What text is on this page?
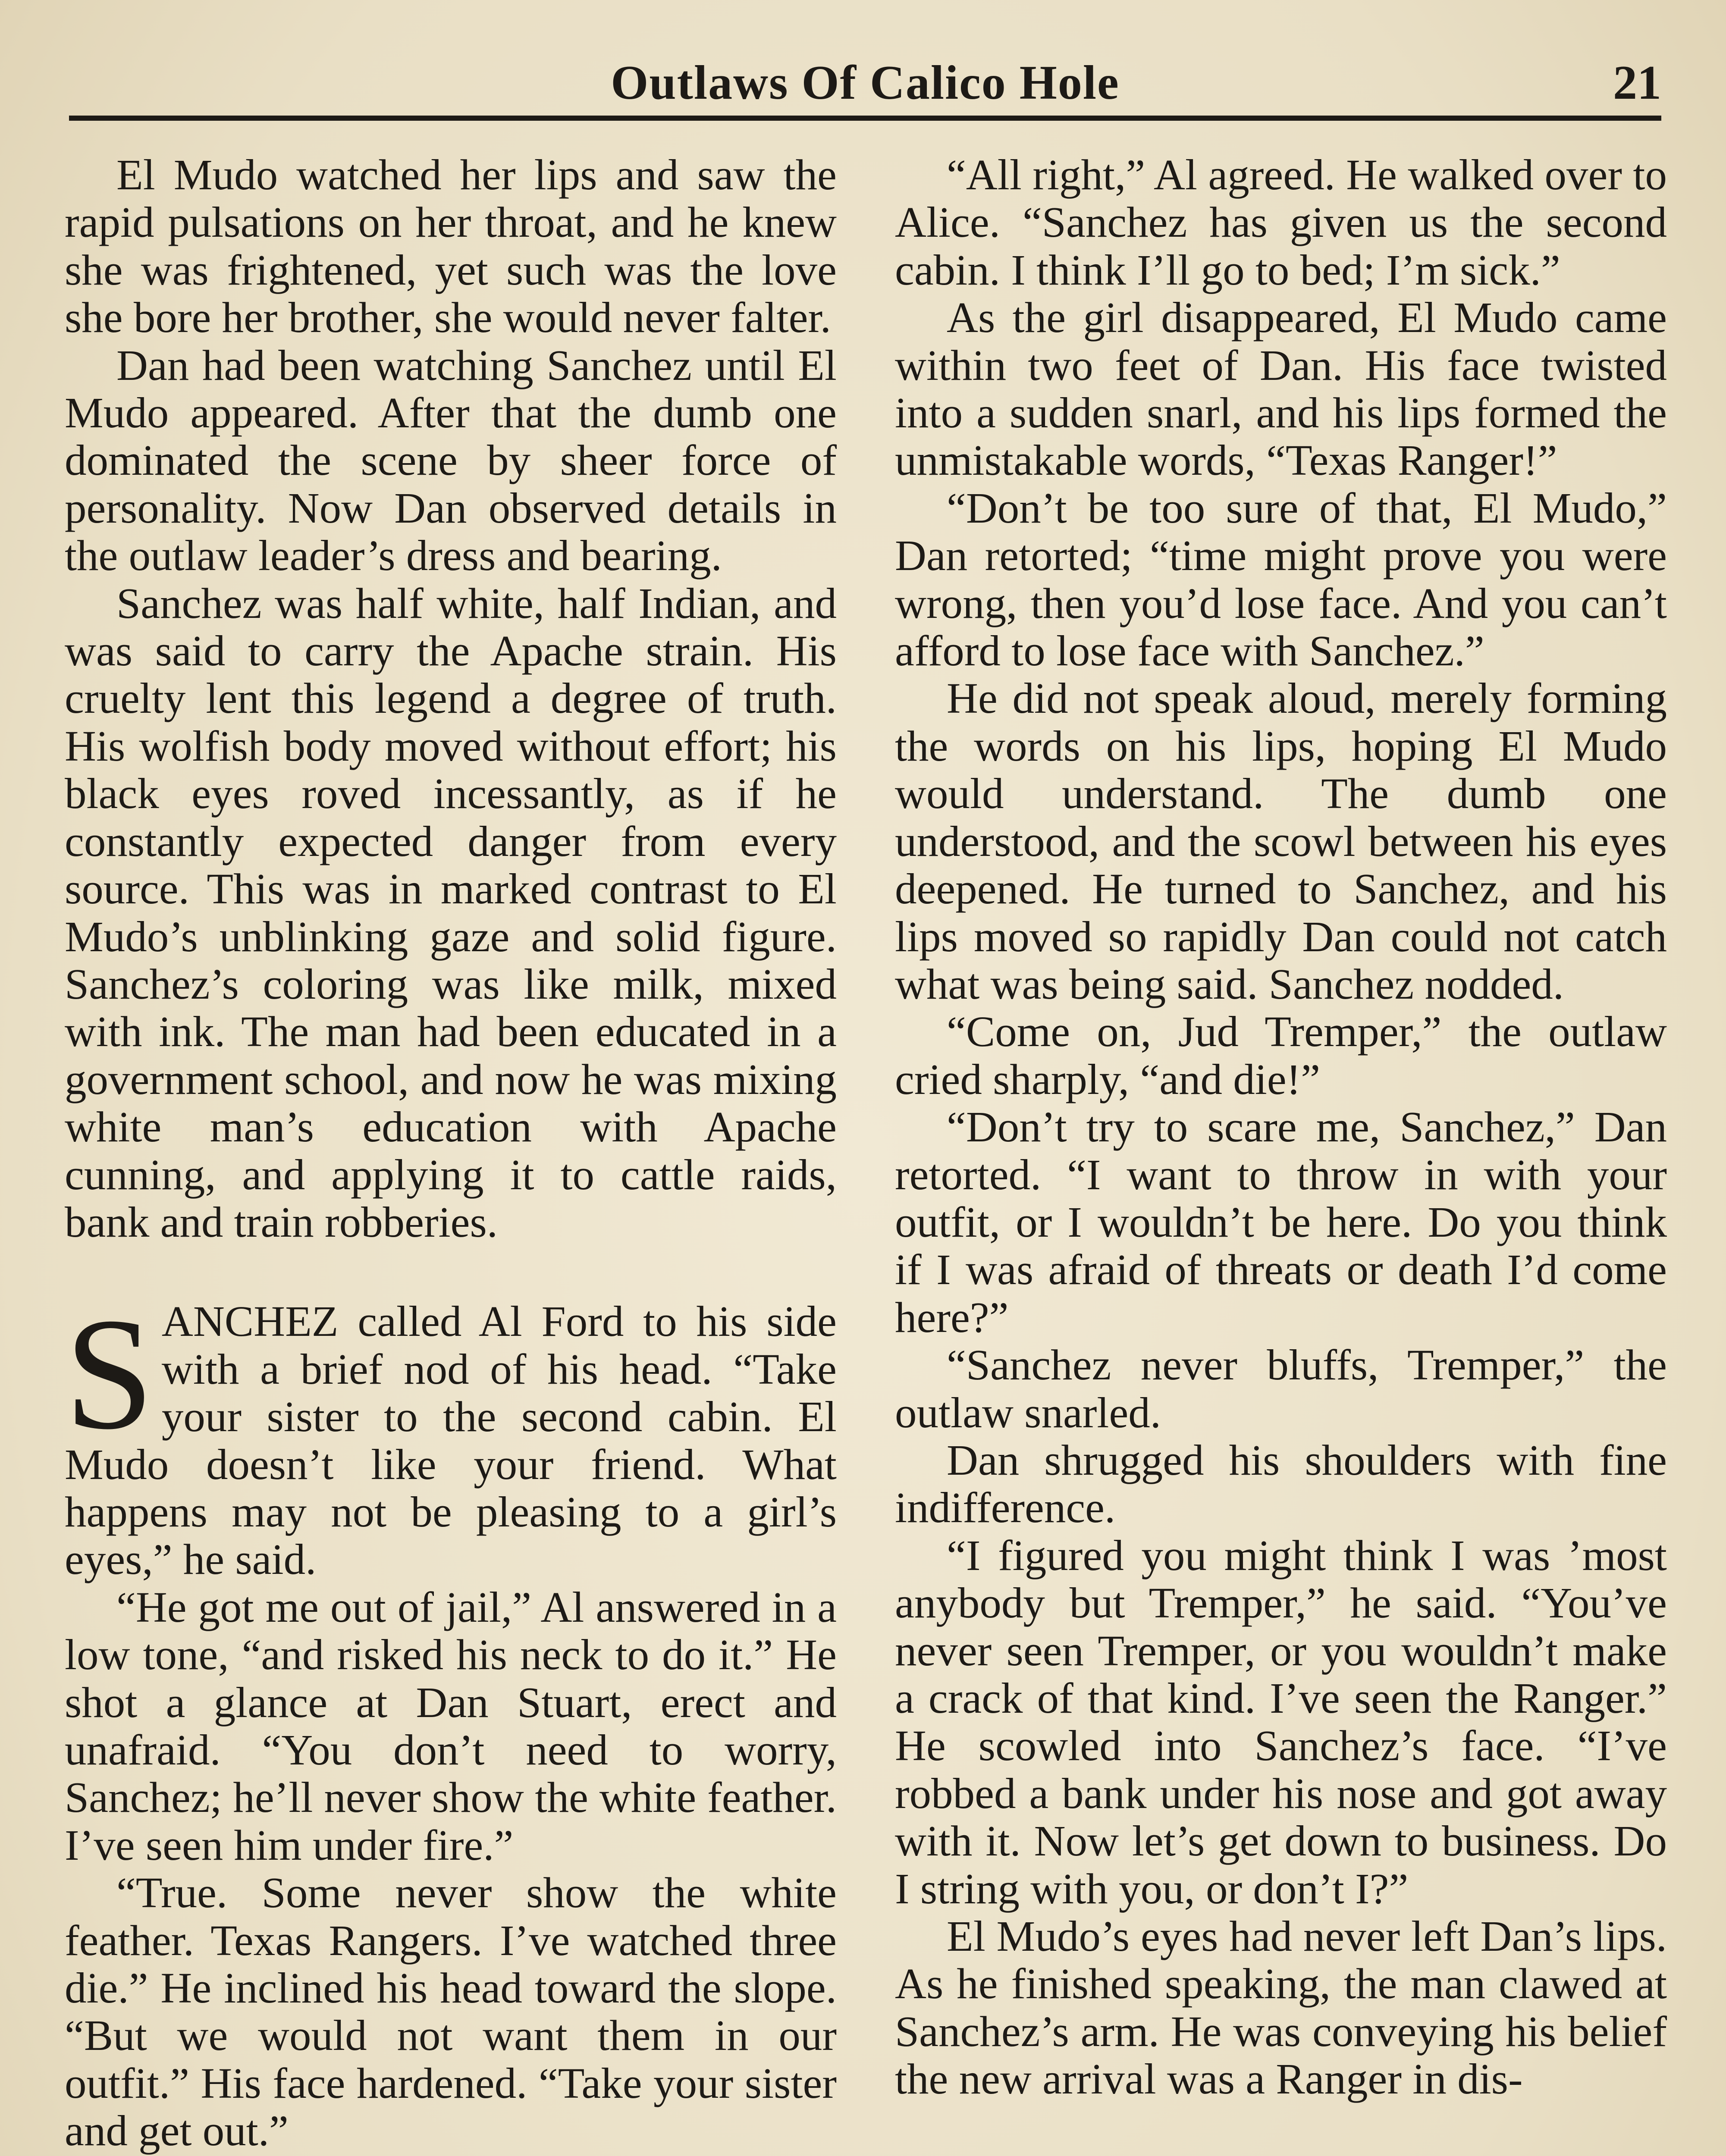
Outlaws Of Calico Hole	21

El Mudo watched her lips and saw the rapid pulsations on her throat, and he knew she was frightened, yet such was the love she bore her brother, she would never falter.

Dan had been watching Sanchez until El Mudo appeared. After that the dumb one dominated the scene by sheer force of personality. Now Dan observed details in the outlaw leader’s dress and bearing.

Sanchez was half white, half Indian, and was said to carry the Apache strain. His cruelty lent this legend a degree of truth. His wolfish body moved without effort; his black eyes roved incessantly, as if he constantly expected danger from every source. This was in marked contrast to El Mudo’s unblinking gaze and solid figure. Sanchez’s coloring was like milk, mixed with ink. The man had been educated in a government school, and now he was mixing white man’s education with Apache cunning, and applying it to cattle raids, bank and train robberies.

SANCHEZ called Al Ford to his side with a brief nod of his head. “Take your sister to the second cabin. El Mudo doesn’t like your friend. What happens may not be pleasing to a girl’s eyes,” he said.

“He got me out of jail,” Al answered in a low tone, “and risked his neck to do it.” He shot a glance at Dan Stuart, erect and unafraid. “You don’t need to worry, Sanchez; he’ll never show the white feather. I’ve seen him under fire.”

“True. Some never show the white feather. Texas Rangers. I’ve watched three die.” He inclined his head toward the slope. “But we would not want them in our outfit.” His face hardened. “Take your sister and get out.”

“All right,” Al agreed. He walked over to Alice. “Sanchez has given us the second cabin. I think I’ll go to bed; I’m sick.”

As the girl disappeared, El Mudo came within two feet of Dan. His face twisted into a sudden snarl, and his lips formed the unmistakable words, “Texas Ranger!”

“Don’t be too sure of that, El Mudo,” Dan retorted; “time might prove you were wrong, then you’d lose face. And you can’t afford to lose face with Sanchez.”

He did not speak aloud, merely forming the words on his lips, hoping El Mudo would understand. The dumb one understood, and the scowl between his eyes deepened. He turned to Sanchez, and his lips moved so rapidly Dan could not catch what was being said. Sanchez nodded.

“Come on, Jud Tremper,” the outlaw cried sharply, “and die!”

“Don’t try to scare me, Sanchez,” Dan retorted. “I want to throw in with your outfit, or I wouldn’t be here. Do you think if I was afraid of threats or death I’d come here?”

“Sanchez never bluffs, Tremper,” the outlaw snarled.

Dan shrugged his shoulders with fine indifference.

“I figured you might think I was ’most anybody but Tremper,” he said. “You’ve never seen Tremper, or you wouldn’t make a crack of that kind. I’ve seen the Ranger.” He scowled into Sanchez’s face. “I’ve robbed a bank under his nose and got away with it. Now let’s get down to business. Do I string with you, or don’t I?”

El Mudo’s eyes had never left Dan’s lips. As he finished speaking, the man clawed at Sanchez’s arm. He was conveying his belief the new arrival was a Ranger in dis-
